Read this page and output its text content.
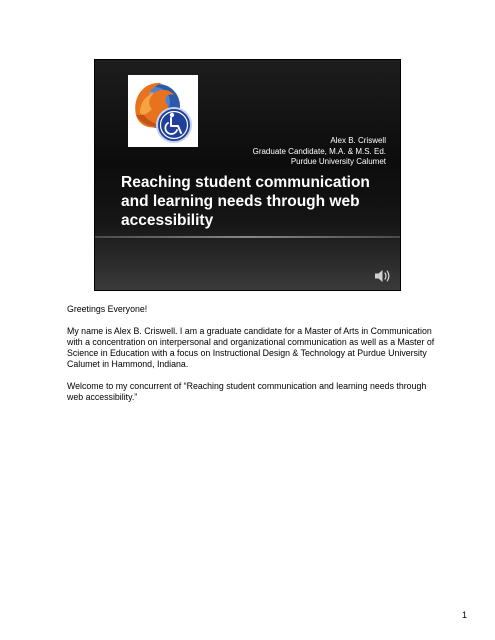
Alex B. Criswell
Graduate Candidate, M.A. & M.S. Ed.
Purdue University Calumet
Reaching student communication and learning needs through web accessibility

Greetings Everyone!

My name is Alex B. Criswell. I am a graduate candidate for a Master of Arts in Communication with a concentration on interpersonal and organizational communication as well as a Master of Science in Education with a focus on Instructional Design & Technology at Purdue University Calumet in Hammond, Indiana.

Welcome to my concurrent of “Reaching student communication and learning needs through web accessibility.”

1
